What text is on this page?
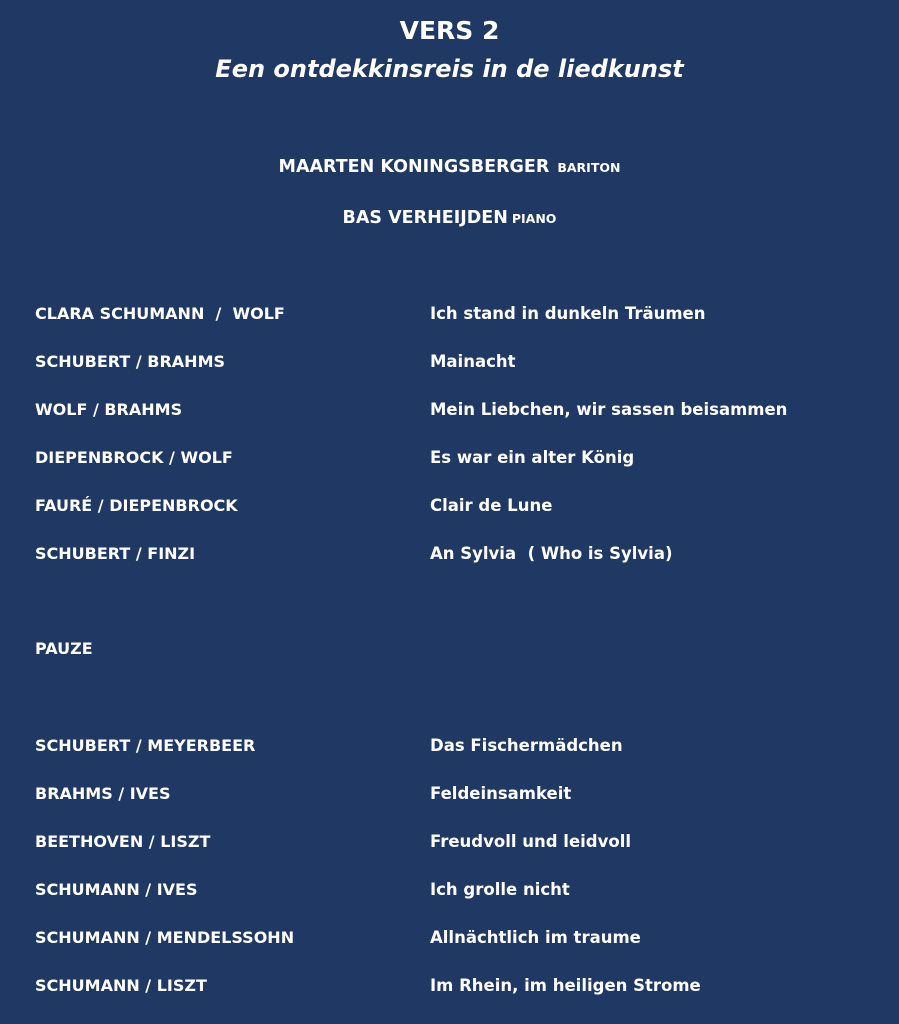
VERS 2
Een ontdekkinsreis in de liedkunst
MAARTEN KONINGSBERGER BARITON
BAS VERHEIJDEN PIANO
CLARA SCHUMANN  /  WOLF	Ich stand in dunkeln Träumen
SCHUBERT / BRAHMS	Mainacht
WOLF / BRAHMS	Mein Liebchen, wir sassen beisammen
DIEPENBROCK / WOLF	Es war ein alter König
FAURÉ / DIEPENBROCK	Clair de Lune
SCHUBERT / FINZI	An Sylvia  ( Who is Sylvia)
PAUZE
SCHUBERT / MEYERBEER	Das Fischermädchen
BRAHMS / IVES	Feldeinsamkeit
BEETHOVEN / LISZT	Freudvoll und leidvoll
SCHUMANN / IVES	Ich grolle nicht
SCHUMANN / MENDELSSOHN	Allnächtlich im traume
SCHUMANN / LISZT	Im Rhein, im heiligen Strome
